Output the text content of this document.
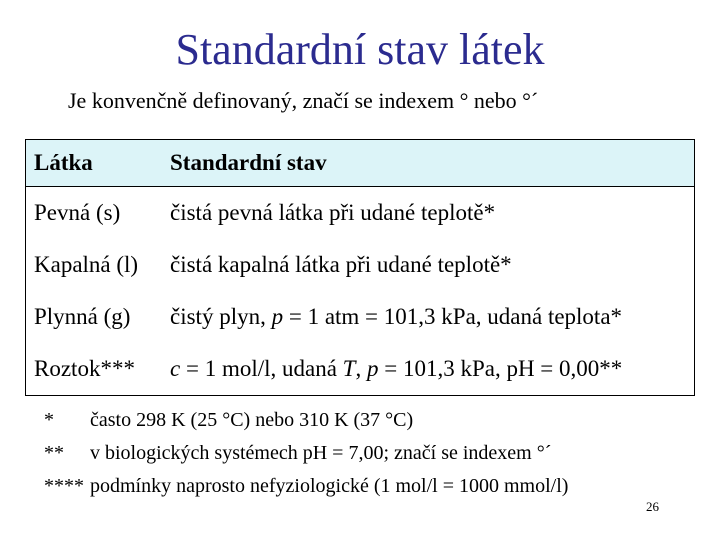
Standardní stav látek
Je konvenčně definovaný, značí se indexem ° nebo °´
Látka	Standardní stav
Pevná (s)	čistá pevná látka při udané teplotě*
Kapalná (l)	čistá kapalná látka při udané teplotě*
Plynná (g)	čistý plyn, p = 1 atm = 101,3 kPa, udaná teplota*
Roztok***	c = 1 mol/l, udaná T, p = 101,3 kPa, pH = 0,00**
*	často 298 K (25 °C) nebo 310 K (37 °C)
**	v biologických systémech pH = 7,00; značí se indexem °´
**** podmínky naprosto nefyziologické (1 mol/l = 1000 mmol/l)
26
